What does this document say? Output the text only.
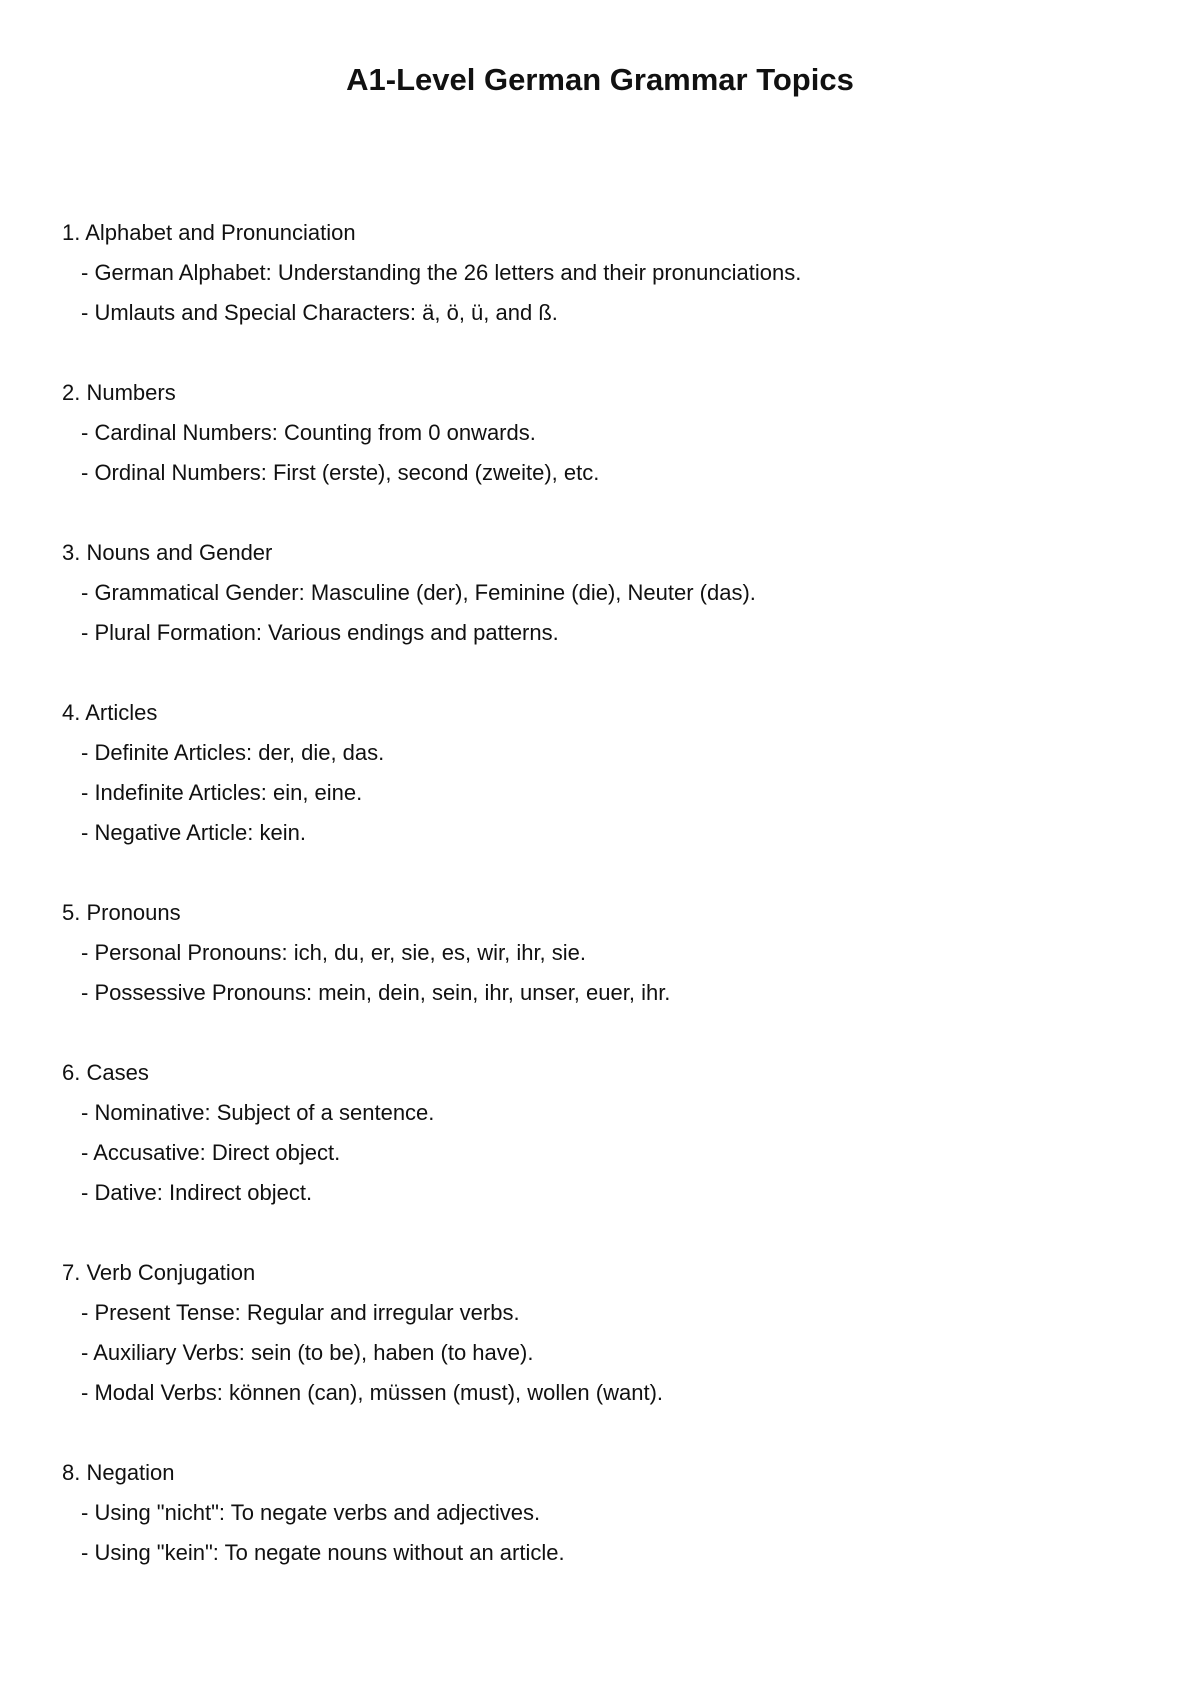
A1-Level German Grammar Topics
1. Alphabet and Pronunciation
- German Alphabet: Understanding the 26 letters and their pronunciations.
- Umlauts and Special Characters: ä, ö, ü, and ß.
2. Numbers
- Cardinal Numbers: Counting from 0 onwards.
- Ordinal Numbers: First (erste), second (zweite), etc.
3. Nouns and Gender
- Grammatical Gender: Masculine (der), Feminine (die), Neuter (das).
- Plural Formation: Various endings and patterns.
4. Articles
- Definite Articles: der, die, das.
- Indefinite Articles: ein, eine.
- Negative Article: kein.
5. Pronouns
- Personal Pronouns: ich, du, er, sie, es, wir, ihr, sie.
- Possessive Pronouns: mein, dein, sein, ihr, unser, euer, ihr.
6. Cases
- Nominative: Subject of a sentence.
- Accusative: Direct object.
- Dative: Indirect object.
7. Verb Conjugation
- Present Tense: Regular and irregular verbs.
- Auxiliary Verbs: sein (to be), haben (to have).
- Modal Verbs: können (can), müssen (must), wollen (want).
8. Negation
- Using "nicht": To negate verbs and adjectives.
- Using "kein": To negate nouns without an article.
